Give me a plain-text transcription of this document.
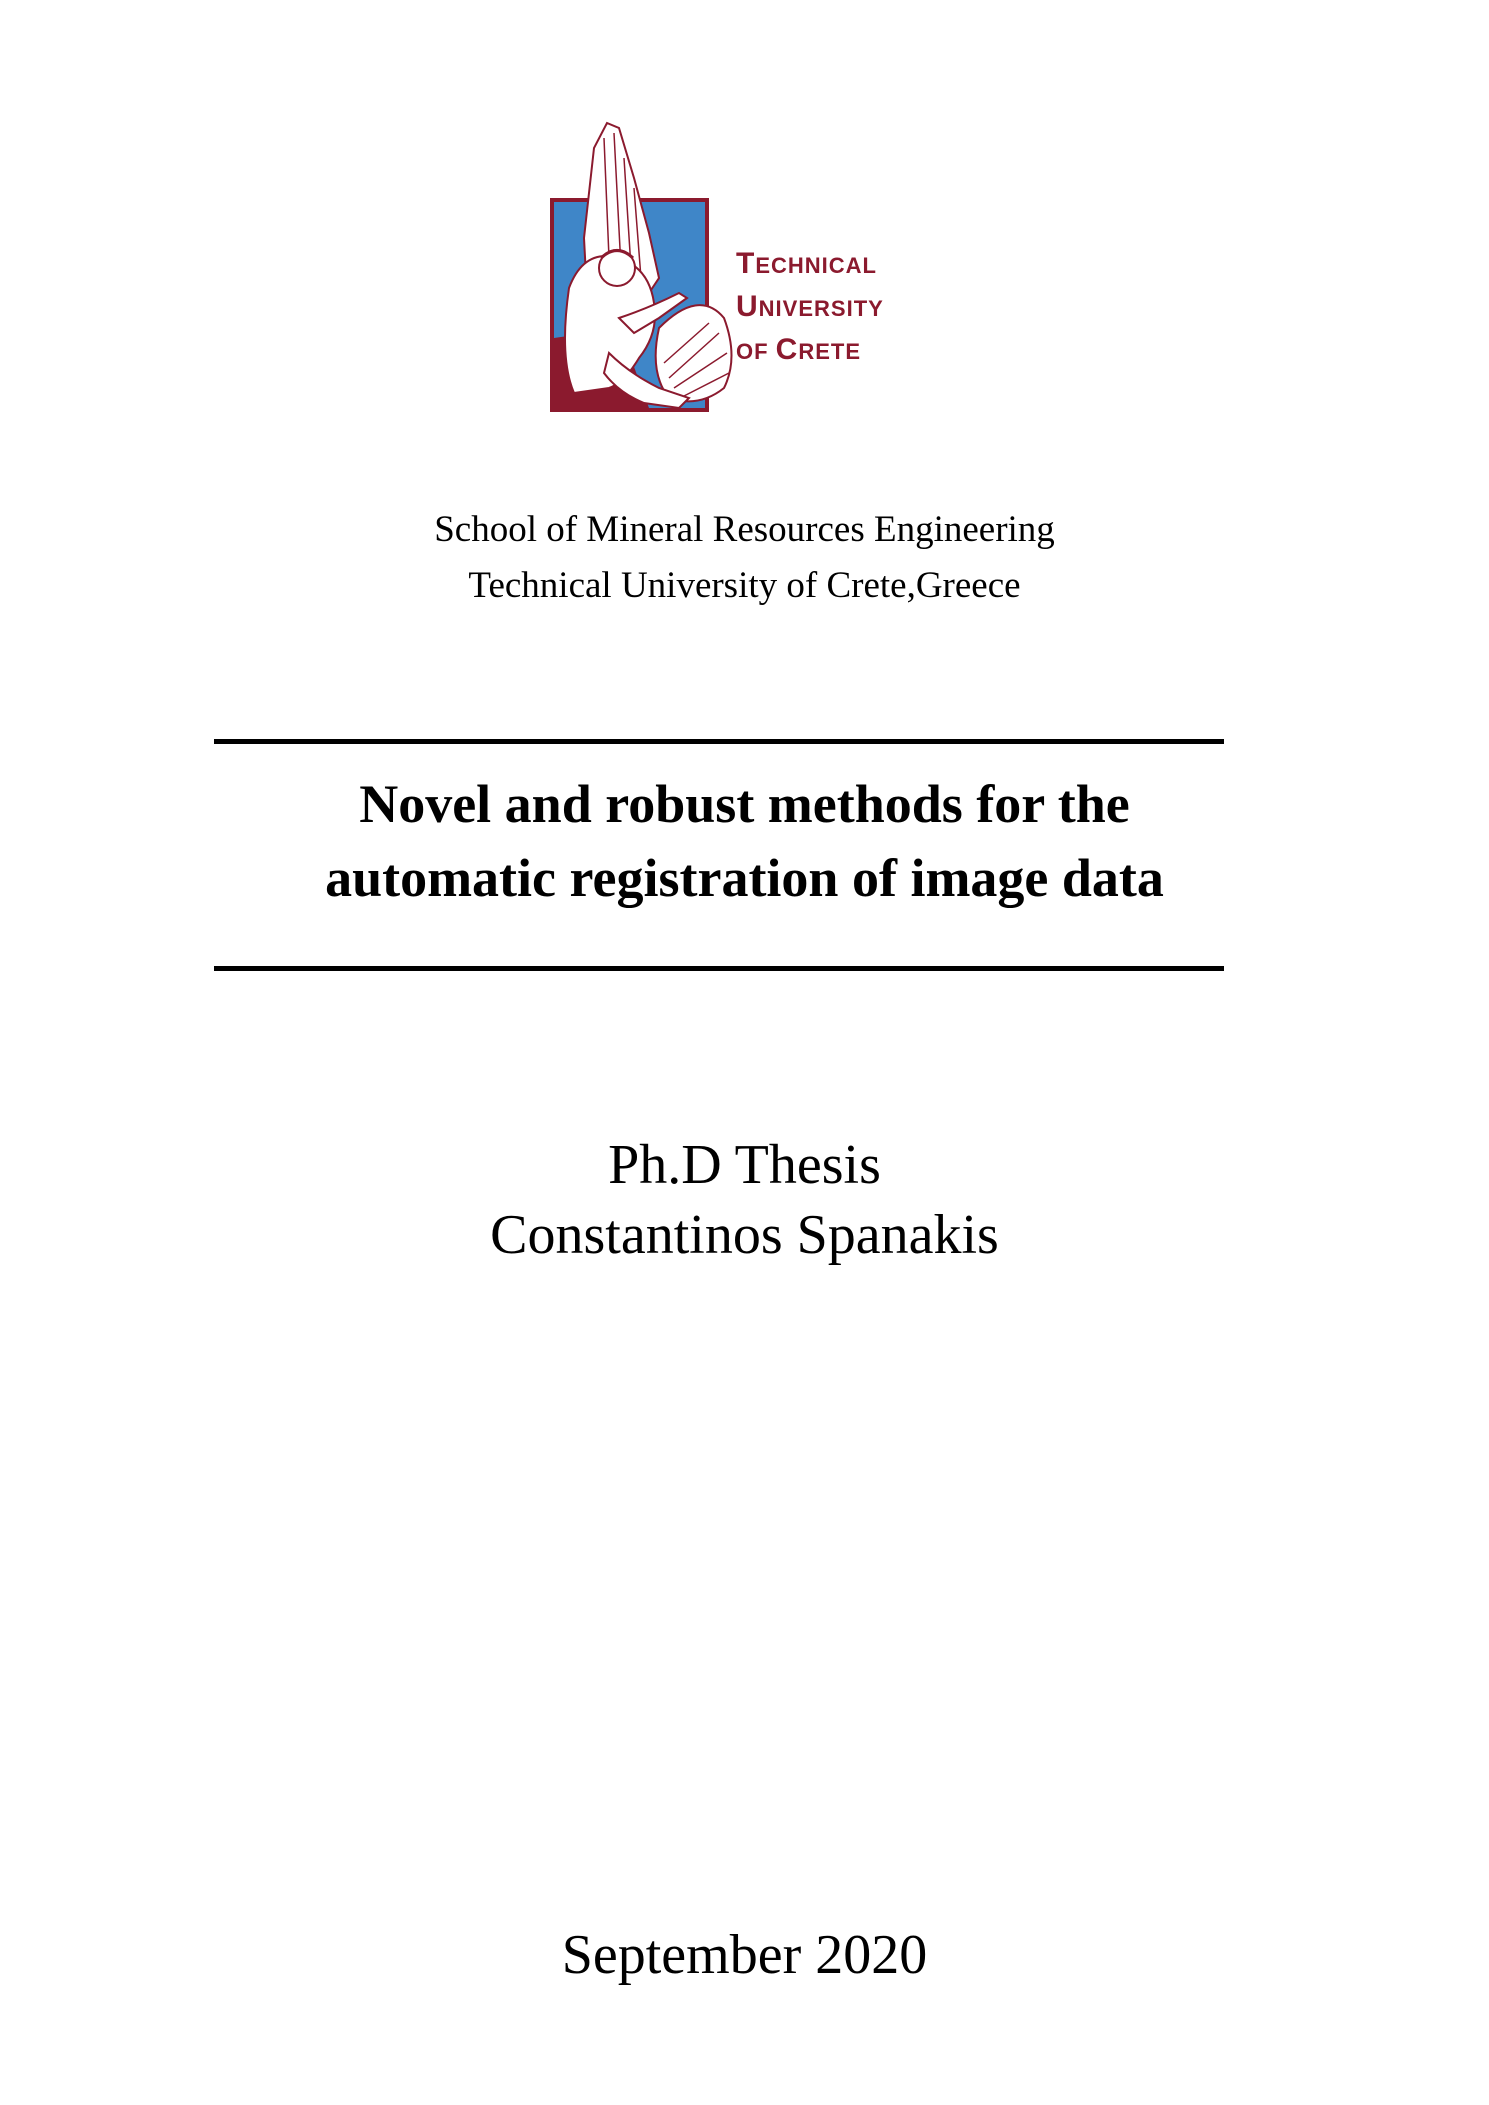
TECHNICAL
UNIVERSITY
OF CRETE
School of Mineral Resources Engineering
Technical University of Crete,Greece
Novel and robust methods for the
automatic registration of image data
Ph.D Thesis
Constantinos Spanakis
September 2020
